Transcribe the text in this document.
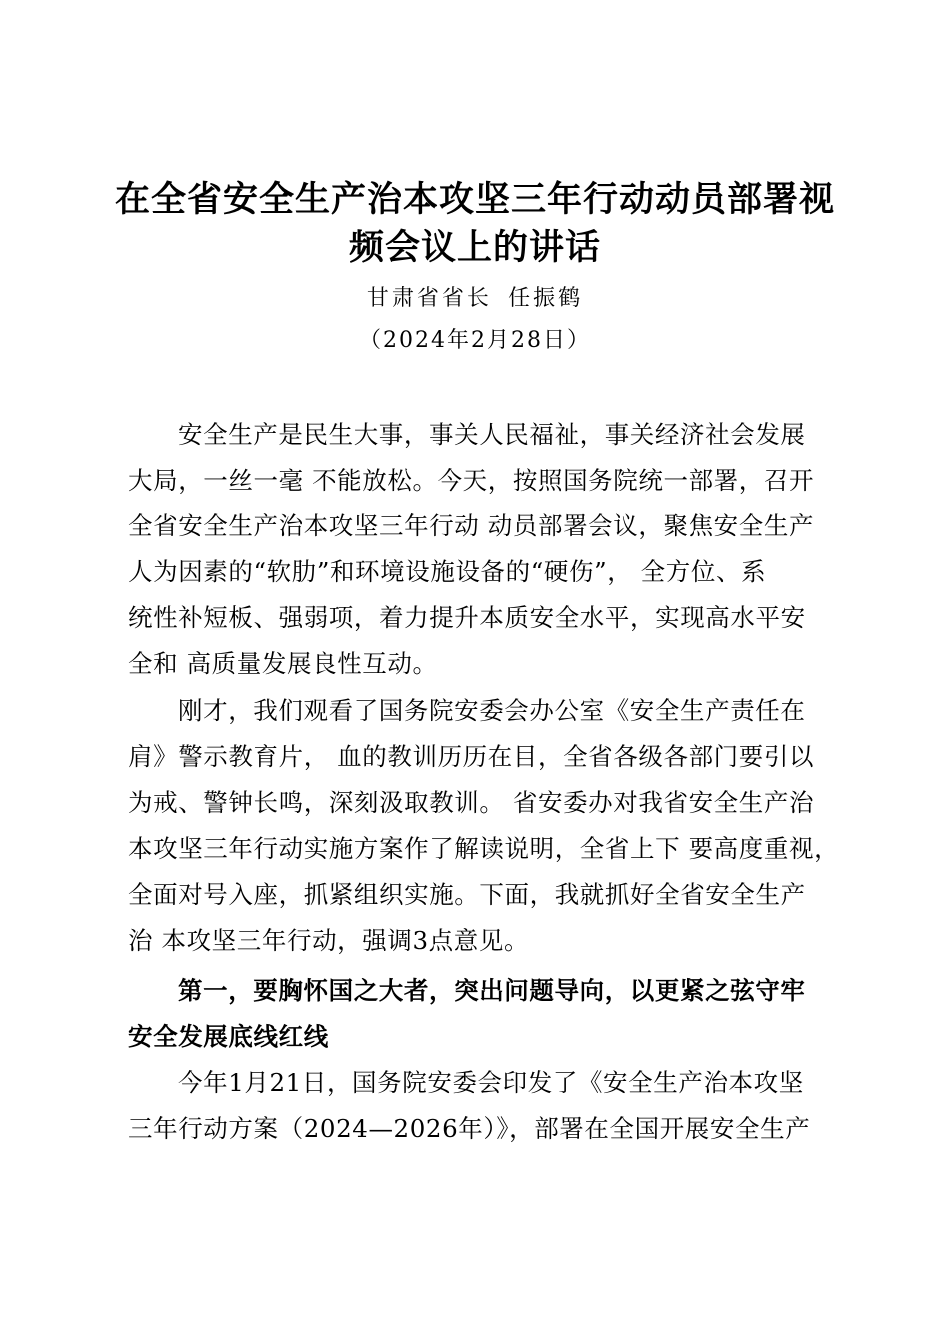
在全省安全生产治本攻坚三年行动动员部署视
频会议上的讲话
甘肃省省长 任振鹤
（2024年2月28日）
安全生产是民生大事，事关人民福祉，事关经济社会发展
大局，一丝一毫 不能放松。今天，按照国务院统一部署，召开
全省安全生产治本攻坚三年行动 动员部署会议，聚焦安全生产
人为因素的“软肋”和环境设施设备的“硬伤”， 全方位、系
统性补短板、强弱项，着力提升本质安全水平，实现高水平安
全和 高质量发展良性互动。
刚才，我们观看了国务院安委会办公室《安全生产责任在
肩》警示教育片， 血的教训历历在目，全省各级各部门要引以
为戒、警钟长鸣，深刻汲取教训。 省安委办对我省安全生产治
本攻坚三年行动实施方案作了解读说明，全省上下 要高度重视，
全面对号入座，抓紧组织实施。下面，我就抓好全省安全生产
治 本攻坚三年行动，强调3点意见。
第一，要胸怀国之大者，突出问题导向，以更紧之弦守牢
安全发展底线红线
今年1月21日，国务院安委会印发了《安全生产治本攻坚
三年行动方案（2024—2026年）》，部署在全国开展安全生产
